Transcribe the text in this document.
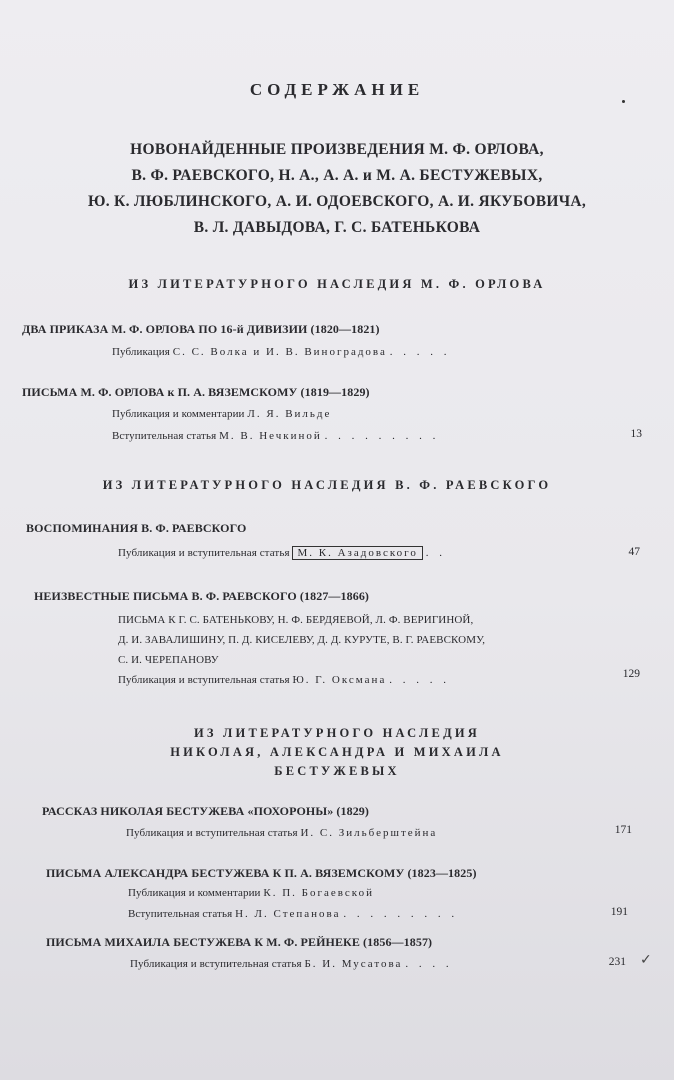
СОДЕРЖАНИЕ
НОВОНАЙДЕННЫЕ ПРОИЗВЕДЕНИЯ М. Ф. ОРЛОВА,
В. Ф. РАЕВСКОГО, Н. А., А. А. и М. А. БЕСТУЖЕВЫХ,
Ю. К. ЛЮБЛИНСКОГО, А. И. ОДОЕВСКОГО, А. И. ЯКУБОВИЧА,
В. Л. ДАВЫДОВА, Г. С. БАТЕНЬКОВА
ИЗ ЛИТЕРАТУРНОГО НАСЛЕДИЯ М. Ф. ОРЛОВА
ДВА ПРИКАЗА М. Ф. ОРЛОВА ПО 16-й ДИВИЗИИ (1820—1821)
Публикация С. С. Волка и И. В. Виноградова . . . . .
ПИСЬМА М. Ф. ОРЛОВА к П. А. ВЯЗЕМСКОМУ (1819—1829)
Публикация и комментарии Л. Я. Вильде
Вступительная статья М. В. Нечкиной . . . . . . . . .	13
ИЗ ЛИТЕРАТУРНОГО НАСЛЕДИЯ В. Ф. РАЕВСКОГО
ВОСПОМИНАНИЯ В. Ф. РАЕВСКОГО
Публикация и вступительная статья М. К. Азадовского . .	47
НЕИЗВЕСТНЫЕ ПИСЬМА В. Ф. РАЕВСКОГО (1827—1866)
ПИСЬМА К Г. С. БАТЕНЬКОВУ, Н. Ф. БЕРДЯЕВОЙ, Л. Ф. ВЕРИГИНОЙ,
Д. И. ЗАВАЛИШИНУ, П. Д. КИСЕЛЕВУ, Д. Д. КУРУТЕ, В. Г. РАЕВСКОМУ,
С. И. ЧЕРЕПАНОВУ
Публикация и вступительная статья Ю. Г. Оксмана . . . . .	129
ИЗ ЛИТЕРАТУРНОГО НАСЛЕДИЯ
НИКОЛАЯ, АЛЕКСАНДРА И МИХАИЛА
БЕСТУЖЕВЫХ
РАССКАЗ НИКОЛАЯ БЕСТУЖЕВА «ПОХОРОНЫ» (1829)
Публикация и вступительная статья И. С. Зильберштейна	171
ПИСЬМА АЛЕКСАНДРА БЕСТУЖЕВА К П. А. ВЯЗЕМСКОМУ (1823—1825)
Публикация и комментарии К. П. Богаевской
Вступительная статья Н. Л. Степанова . . . . . . . . .	191
ПИСЬМА МИХАИЛА БЕСТУЖЕВА К М. Ф. РЕЙНЕКЕ (1856—1857)
Публикация и вступительная статья Б. И. Мусатова . . . .	231 ✓
